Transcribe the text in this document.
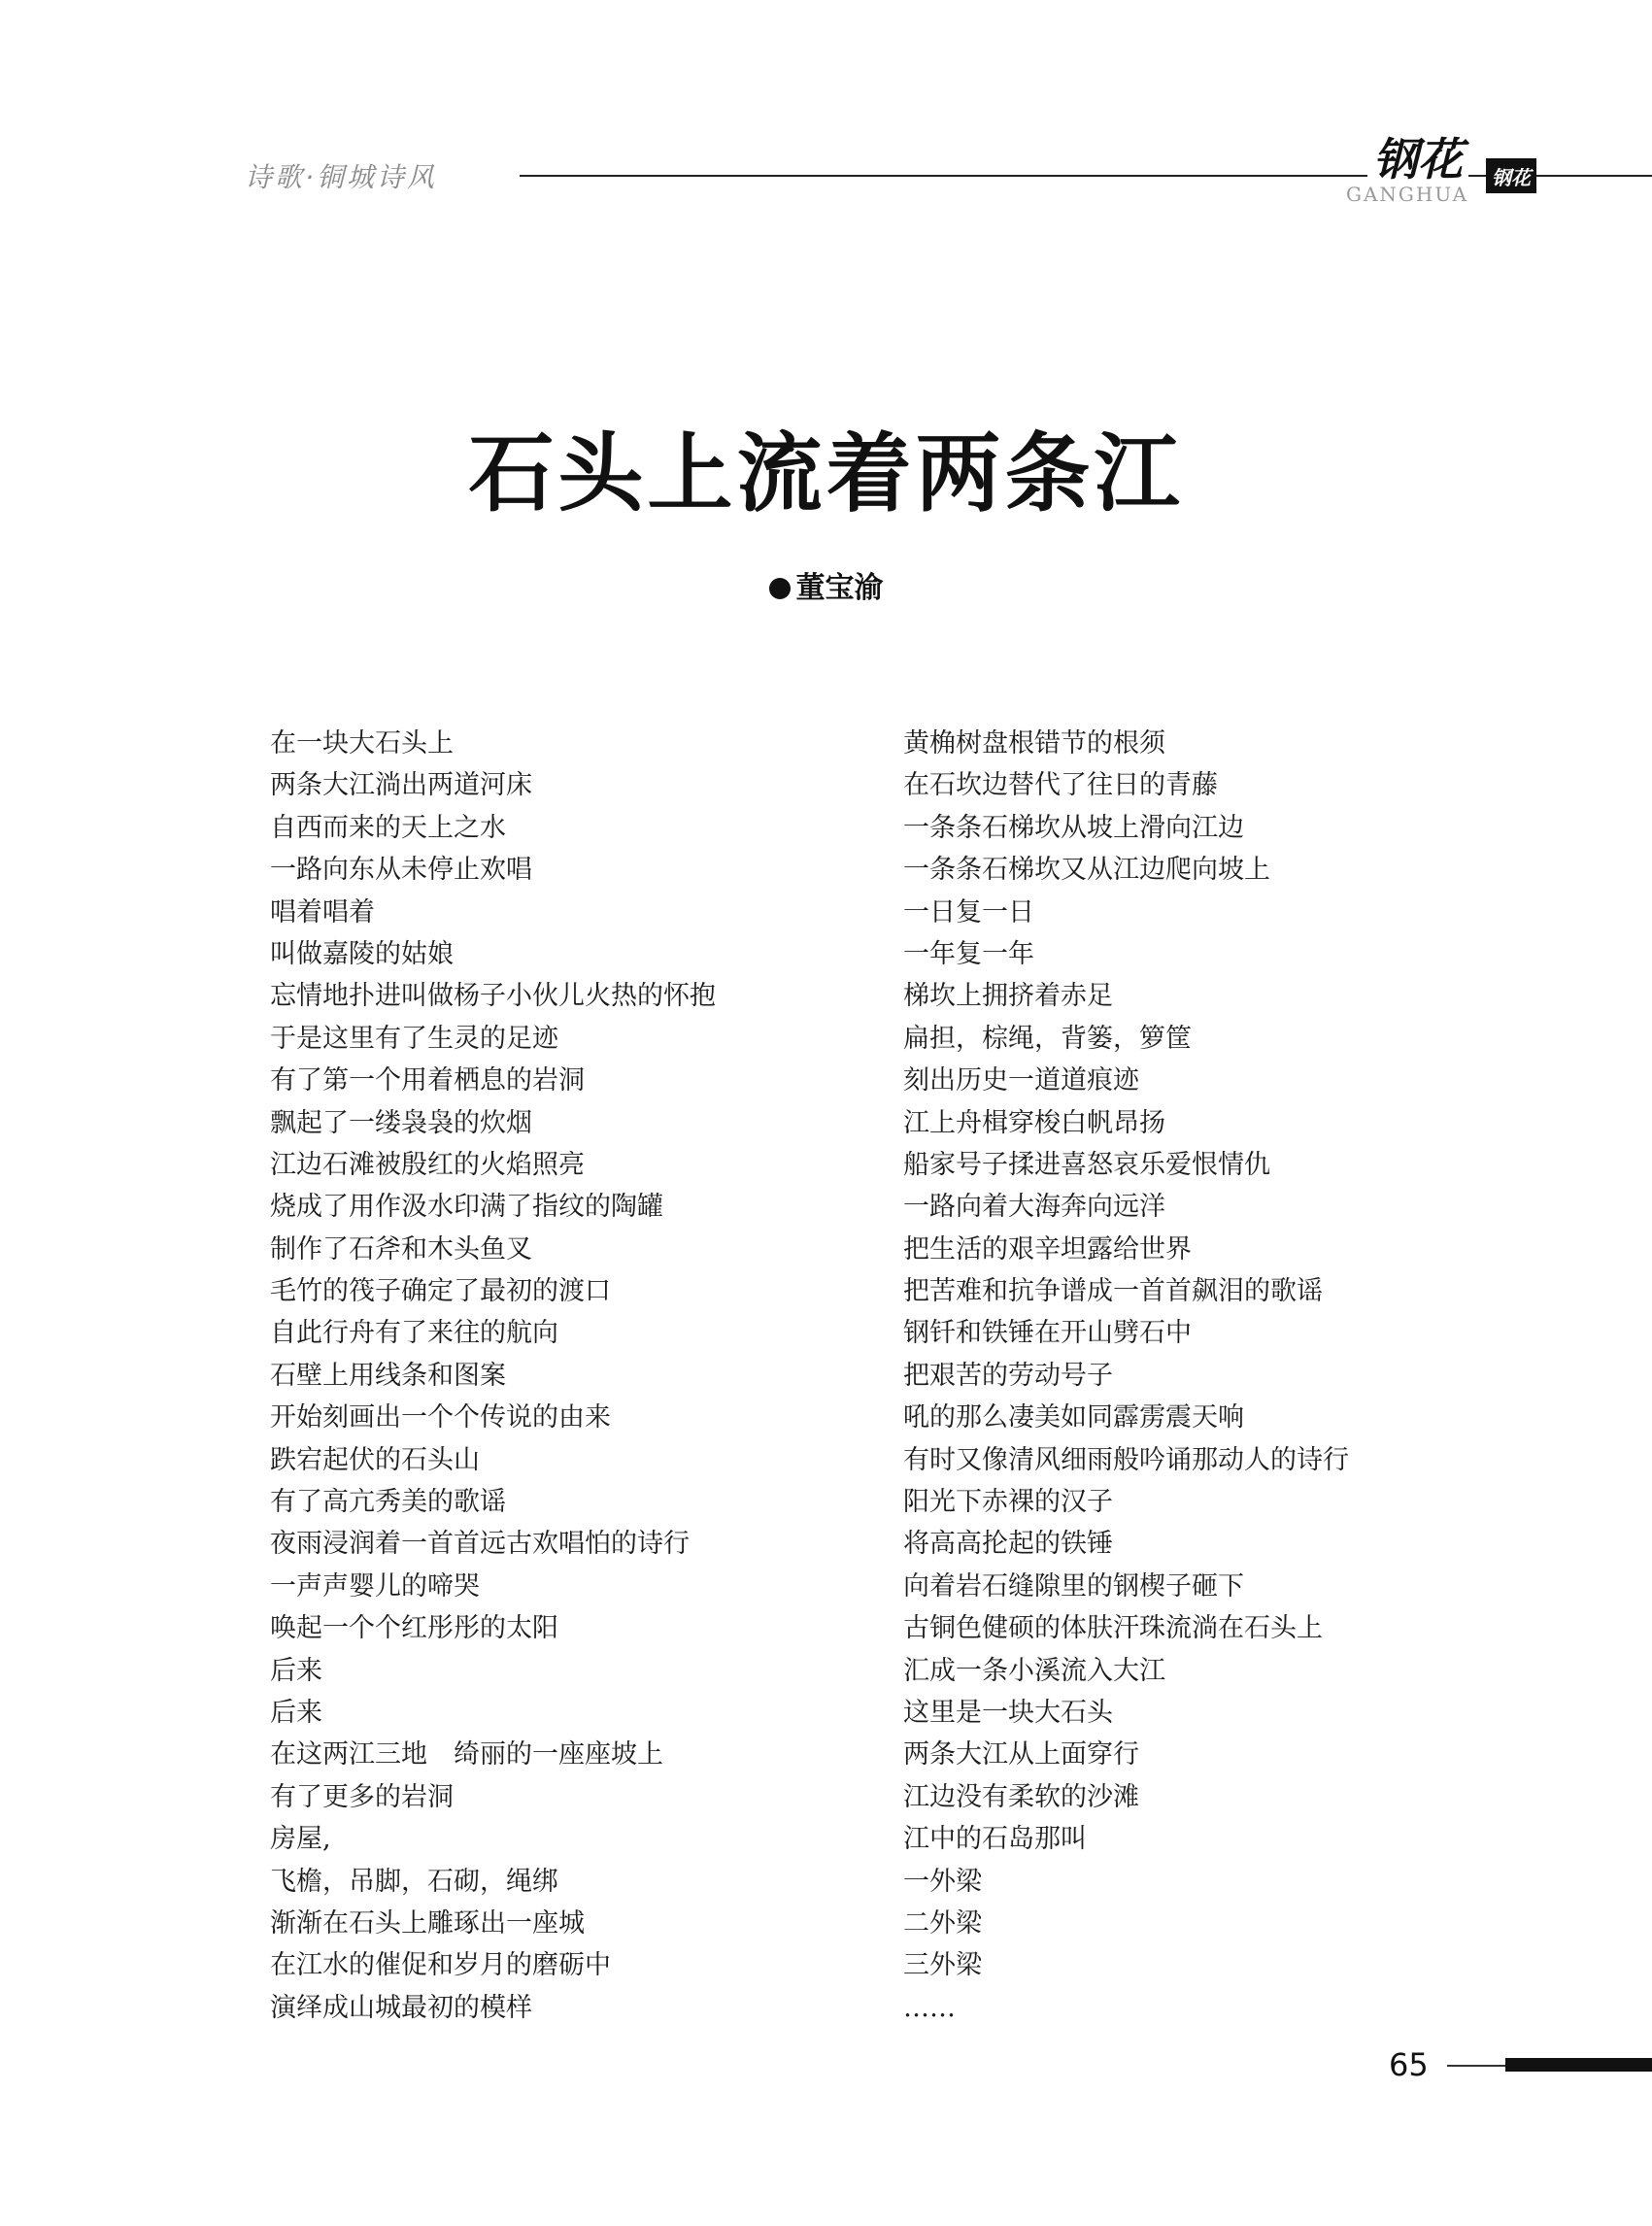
诗歌·铜城诗风	钢花
GANGHUA
钢花
石头上流着两条江
董宝渝
在一块大石头上
两条大江淌出两道河床
自西而来的天上之水
一路向东从未停止欢唱
唱着唱着
叫做嘉陵的姑娘
忘情地扑进叫做杨子小伙儿火热的怀抱
于是这里有了生灵的足迹
有了第一个用着栖息的岩洞
飘起了一缕袅袅的炊烟
江边石滩被殷红的火焰照亮
烧成了用作汲水印满了指纹的陶罐
制作了石斧和木头鱼叉
毛竹的筏子确定了最初的渡口
自此行舟有了来往的航向
石壁上用线条和图案
开始刻画出一个个传说的由来
跌宕起伏的石头山
有了高亢秀美的歌谣
夜雨浸润着一首首远古欢唱怕的诗行
一声声婴儿的啼哭
唤起一个个红彤彤的太阳
后来
后来
在这两江三地　绮丽的一座座坡上
有了更多的岩洞
房屋,
飞檐，吊脚，石砌，绳绑
渐渐在石头上雕琢出一座城
在江水的催促和岁月的磨砺中
演绎成山城最初的模样
黄桷树盘根错节的根须
在石坎边替代了往日的青藤
一条条石梯坎从坡上滑向江边
一条条石梯坎又从江边爬向坡上
一日复一日
一年复一年
梯坎上拥挤着赤足
扁担，棕绳，背篓，箩筐
刻出历史一道道痕迹
江上舟楫穿梭白帆昂扬
船家号子揉进喜怒哀乐爱恨情仇
一路向着大海奔向远洋
把生活的艰辛坦露给世界
把苦难和抗争谱成一首首飙泪的歌谣
钢钎和铁锤在开山劈石中
把艰苦的劳动号子
吼的那么凄美如同霹雳震天响
有时又像清风细雨般吟诵那动人的诗行
阳光下赤裸的汉子
将高高抡起的铁锤
向着岩石缝隙里的钢楔子砸下
古铜色健硕的体肤汗珠流淌在石头上
汇成一条小溪流入大江
这里是一块大石头
两条大江从上面穿行
江边没有柔软的沙滩
江中的石岛那叫
一外梁
二外梁
三外梁
……
65
